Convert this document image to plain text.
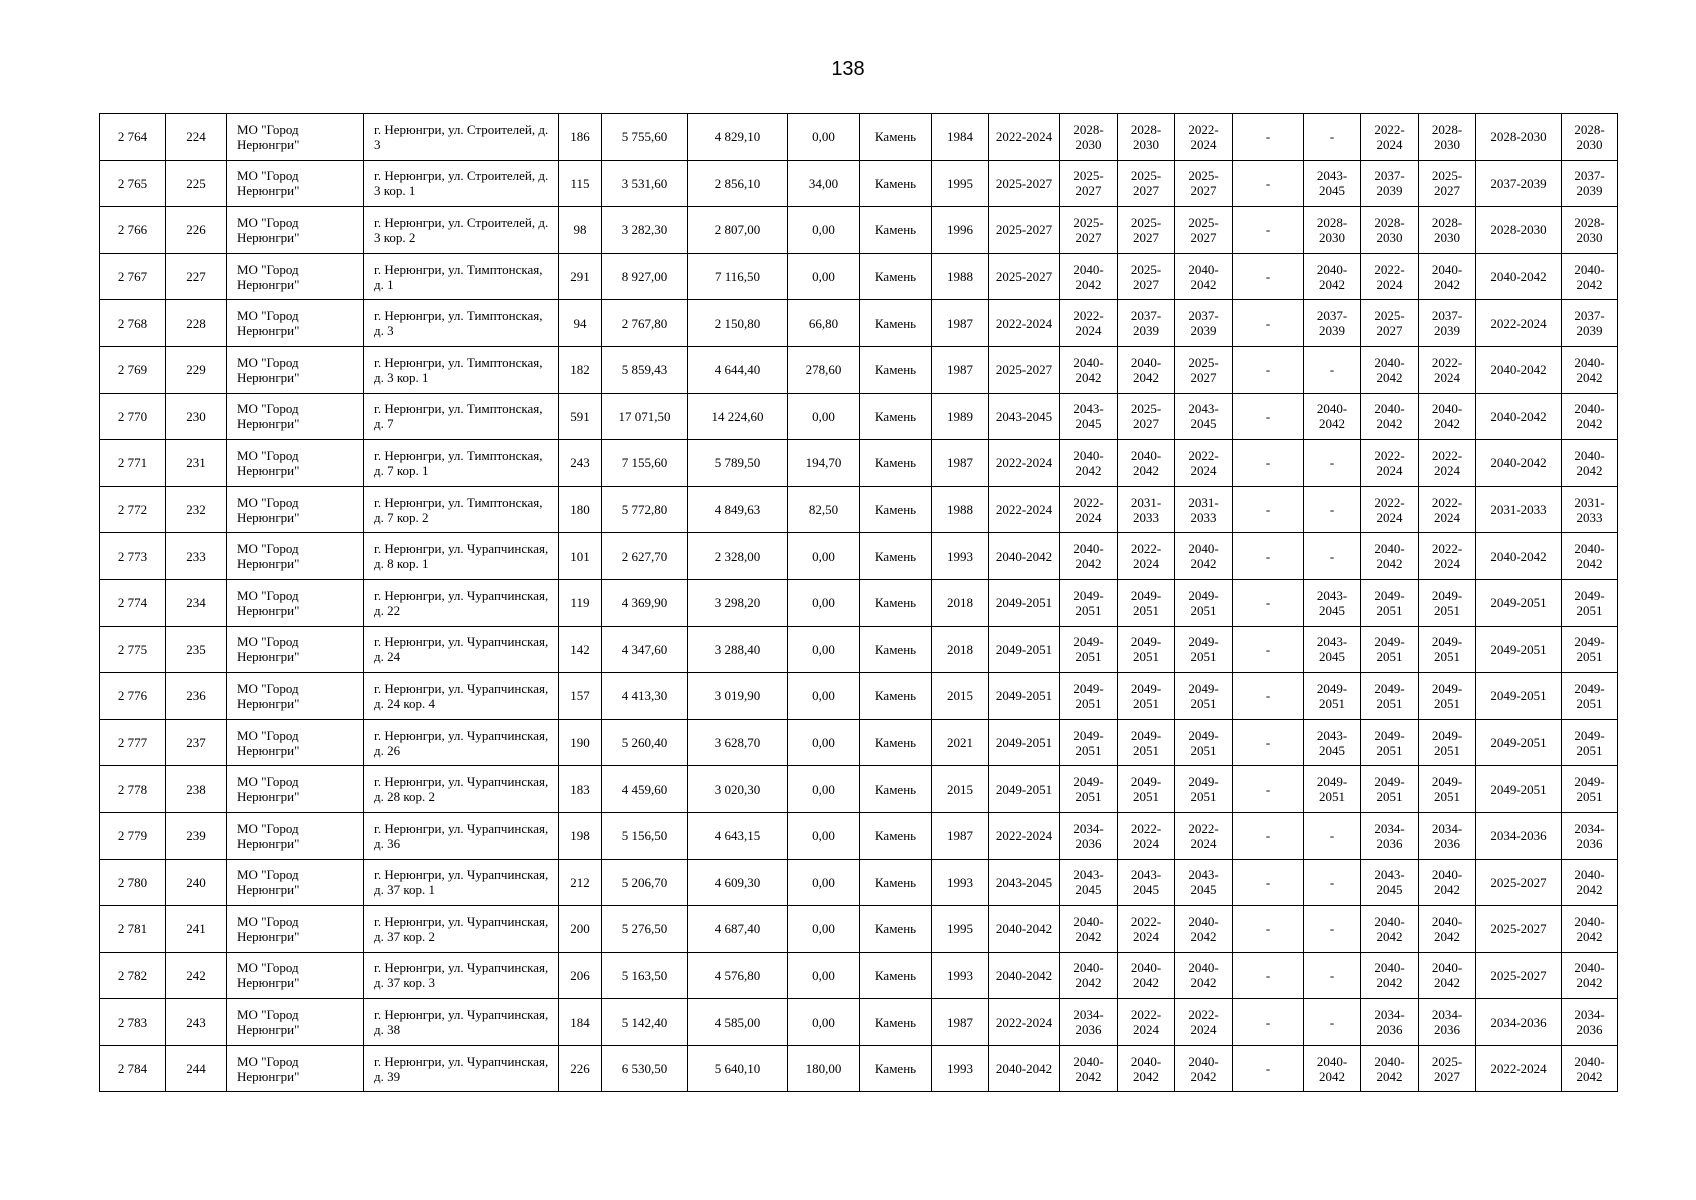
138
2 764	224	МО "Город Нерюнгри"	г. Нерюнгри, ул. Строителей, д. 3	186	5 755,60	4 829,10	0,00	Камень	1984	2022-2024	2028-2030	2028-2030	2022-2024	-	-	2022-2024	2028-2030	2028-2030	2028-2030
2 765	225	МО "Город Нерюнгри"	г. Нерюнгри, ул. Строителей, д. 3 кор. 1	115	3 531,60	2 856,10	34,00	Камень	1995	2025-2027	2025-2027	2025-2027	2025-2027	-	2043-2045	2037-2039	2025-2027	2037-2039	2037-2039
2 766	226	МО "Город Нерюнгри"	г. Нерюнгри, ул. Строителей, д. 3 кор. 2	98	3 282,30	2 807,00	0,00	Камень	1996	2025-2027	2025-2027	2025-2027	2025-2027	-	2028-2030	2028-2030	2028-2030	2028-2030	2028-2030
2 767	227	МО "Город Нерюнгри"	г. Нерюнгри, ул. Тимптонская, д. 1	291	8 927,00	7 116,50	0,00	Камень	1988	2025-2027	2040-2042	2025-2027	2040-2042	-	2040-2042	2022-2024	2040-2042	2040-2042	2040-2042
2 768	228	МО "Город Нерюнгри"	г. Нерюнгри, ул. Тимптонская, д. 3	94	2 767,80	2 150,80	66,80	Камень	1987	2022-2024	2022-2024	2037-2039	2037-2039	-	2037-2039	2025-2027	2037-2039	2022-2024	2037-2039
2 769	229	МО "Город Нерюнгри"	г. Нерюнгри, ул. Тимптонская, д. 3 кор. 1	182	5 859,43	4 644,40	278,60	Камень	1987	2025-2027	2040-2042	2040-2042	2025-2027	-	-	2040-2042	2022-2024	2040-2042	2040-2042
2 770	230	МО "Город Нерюнгри"	г. Нерюнгри, ул. Тимптонская, д. 7	591	17 071,50	14 224,60	0,00	Камень	1989	2043-2045	2043-2045	2025-2027	2043-2045	-	2040-2042	2040-2042	2040-2042	2040-2042	2040-2042
2 771	231	МО "Город Нерюнгри"	г. Нерюнгри, ул. Тимптонская, д. 7 кор. 1	243	7 155,60	5 789,50	194,70	Камень	1987	2022-2024	2040-2042	2040-2042	2022-2024	-	-	2022-2024	2022-2024	2040-2042	2040-2042
2 772	232	МО "Город Нерюнгри"	г. Нерюнгри, ул. Тимптонская, д. 7 кор. 2	180	5 772,80	4 849,63	82,50	Камень	1988	2022-2024	2022-2024	2031-2033	2031-2033	-	-	2022-2024	2022-2024	2031-2033	2031-2033
2 773	233	МО "Город Нерюнгри"	г. Нерюнгри, ул. Чурапчинская, д. 8 кор. 1	101	2 627,70	2 328,00	0,00	Камень	1993	2040-2042	2040-2042	2022-2024	2040-2042	-	-	2040-2042	2022-2024	2040-2042	2040-2042
2 774	234	МО "Город Нерюнгри"	г. Нерюнгри, ул. Чурапчинская, д. 22	119	4 369,90	3 298,20	0,00	Камень	2018	2049-2051	2049-2051	2049-2051	2049-2051	-	2043-2045	2049-2051	2049-2051	2049-2051	2049-2051
2 775	235	МО "Город Нерюнгри"	г. Нерюнгри, ул. Чурапчинская, д. 24	142	4 347,60	3 288,40	0,00	Камень	2018	2049-2051	2049-2051	2049-2051	2049-2051	-	2043-2045	2049-2051	2049-2051	2049-2051	2049-2051
2 776	236	МО "Город Нерюнгри"	г. Нерюнгри, ул. Чурапчинская, д. 24 кор. 4	157	4 413,30	3 019,90	0,00	Камень	2015	2049-2051	2049-2051	2049-2051	2049-2051	-	2049-2051	2049-2051	2049-2051	2049-2051	2049-2051
2 777	237	МО "Город Нерюнгри"	г. Нерюнгри, ул. Чурапчинская, д. 26	190	5 260,40	3 628,70	0,00	Камень	2021	2049-2051	2049-2051	2049-2051	2049-2051	-	2043-2045	2049-2051	2049-2051	2049-2051	2049-2051
2 778	238	МО "Город Нерюнгри"	г. Нерюнгри, ул. Чурапчинская, д. 28 кор. 2	183	4 459,60	3 020,30	0,00	Камень	2015	2049-2051	2049-2051	2049-2051	2049-2051	-	2049-2051	2049-2051	2049-2051	2049-2051	2049-2051
2 779	239	МО "Город Нерюнгри"	г. Нерюнгри, ул. Чурапчинская, д. 36	198	5 156,50	4 643,15	0,00	Камень	1987	2022-2024	2034-2036	2022-2024	2022-2024	-	-	2034-2036	2034-2036	2034-2036	2034-2036
2 780	240	МО "Город Нерюнгри"	г. Нерюнгри, ул. Чурапчинская, д. 37 кор. 1	212	5 206,70	4 609,30	0,00	Камень	1993	2043-2045	2043-2045	2043-2045	2043-2045	-	-	2043-2045	2040-2042	2025-2027	2040-2042
2 781	241	МО "Город Нерюнгри"	г. Нерюнгри, ул. Чурапчинская, д. 37 кор. 2	200	5 276,50	4 687,40	0,00	Камень	1995	2040-2042	2040-2042	2022-2024	2040-2042	-	-	2040-2042	2040-2042	2025-2027	2040-2042
2 782	242	МО "Город Нерюнгри"	г. Нерюнгри, ул. Чурапчинская, д. 37 кор. 3	206	5 163,50	4 576,80	0,00	Камень	1993	2040-2042	2040-2042	2040-2042	2040-2042	-	-	2040-2042	2040-2042	2025-2027	2040-2042
2 783	243	МО "Город Нерюнгри"	г. Нерюнгри, ул. Чурапчинская, д. 38	184	5 142,40	4 585,00	0,00	Камень	1987	2022-2024	2034-2036	2022-2024	2022-2024	-	-	2034-2036	2034-2036	2034-2036	2034-2036
2 784	244	МО "Город Нерюнгри"	г. Нерюнгри, ул. Чурапчинская, д. 39	226	6 530,50	5 640,10	180,00	Камень	1993	2040-2042	2040-2042	2040-2042	2040-2042	-	2040-2042	2040-2042	2025-2027	2022-2024	2040-2042
